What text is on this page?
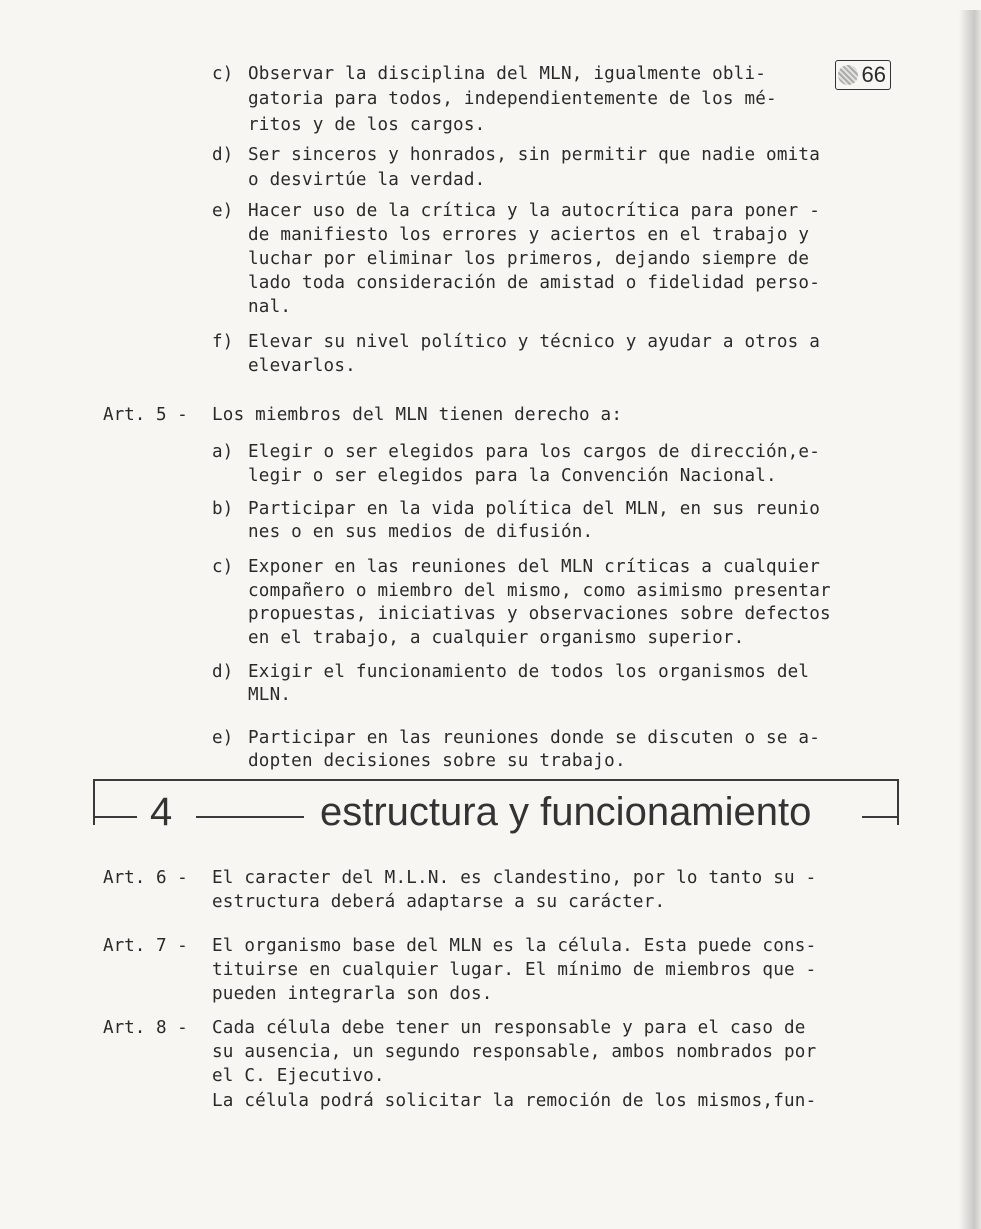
66
c) Observar la disciplina del MLN, igualmente obli-
gatoria para todos, independientemente de los mé-
ritos y de los cargos.
d) Ser sinceros y honrados, sin permitir que nadie omita
o desvirtúe la verdad.
e) Hacer uso de la crítica y la autocrítica para poner -
de manifiesto los errores y aciertos en el trabajo y
luchar por eliminar los primeros, dejando siempre de
lado toda consideración de amistad o fidelidad perso-
nal.
f) Elevar su nivel político y técnico y ayudar a otros a
elevarlos.
Art. 5 - Los miembros del MLN tienen derecho a:
a) Elegir o ser elegidos para los cargos de dirección,e-
legir o ser elegidos para la Convención Nacional.
b) Participar en la vida política del MLN, en sus reunio
nes o en sus medios de difusión.
c) Exponer en las reuniones del MLN críticas a cualquier
compañero o miembro del mismo, como asimismo presentar
propuestas, iniciativas y observaciones sobre defectos
en el trabajo, a cualquier organismo superior.
d) Exigir el funcionamiento de todos los organismos del
MLN.
e) Participar en las reuniones donde se discuten o se a-
dopten decisiones sobre su trabajo.
4	estructura y funcionamiento
Art. 6 - El caracter del M.L.N. es clandestino, por lo tanto su -
estructura deberá adaptarse a su carácter.
Art. 7 - El organismo base del MLN es la célula. Esta puede cons-
tituirse en cualquier lugar. El mínimo de miembros que -
pueden integrarla son dos.
Art. 8 - Cada célula debe tener un responsable y para el caso de
su ausencia, un segundo responsable, ambos nombrados por
el C. Ejecutivo.
La célula podrá solicitar la remoción de los mismos,fun-
